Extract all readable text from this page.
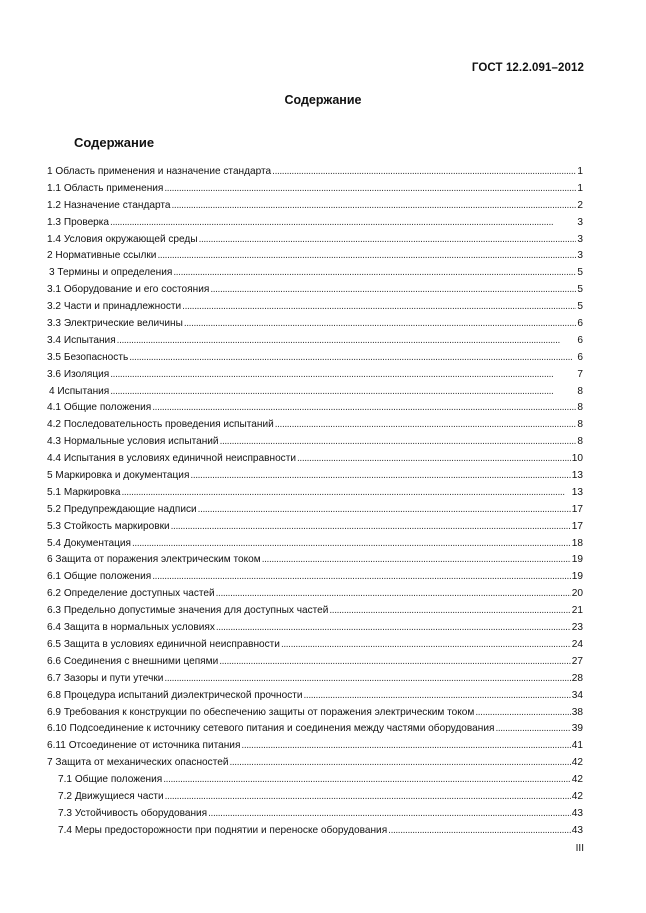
ГОСТ 12.2.091–2012
Содержание
Содержание
1 Область применения и назначение стандарта . . .	1
1.1 Область применения . . .	1
1.2 Назначение стандарта . . .	2
1.3 Проверка . . .	3
1.4 Условия окружающей среды . . .	3
2 Нормативные ссылки . . .	3
3 Термины и определения . . .	5
3.1 Оборудование и его состояния . . .	5
3.2 Части и принадлежности . . .	5
3.3 Электрические величины . . .	6
3.4 Испытания . . .	6
3.5 Безопасность . . .	6
3.6 Изоляция . . .	7
4 Испытания . . .	8
4.1 Общие положения . . .	8
4.2 Последовательность проведения испытаний . . .	8
4.3 Нормальные условия испытаний . . .	8
4.4 Испытания в условиях единичной неисправности . . .	10
5 Маркировка и документация . . .	13
5.1 Маркировка . . .	13
5.2 Предупреждающие надписи . . .	17
5.3 Стойкость маркировки . . .	17
5.4 Документация . . .	18
6 Защита от поражения электрическим током . . .	19
6.1 Общие положения . . .	19
6.2 Определение доступных частей . . .	20
6.3 Предельно допустимые значения для доступных частей . . .	21
6.4 Защита в нормальных условиях . . .	23
6.5 Защита в условиях единичной неисправности . . .	24
6.6 Соединения с внешними цепями . . .	27
6.7 Зазоры и пути утечки . . .	28
6.8 Процедура испытаний диэлектрической прочности . . .	34
6.9 Требования к конструкции по обеспечению защиты от поражения электрическим током . . .	38
6.10 Подсоединение к источнику сетевого питания и соединения между частями оборудования . . .	39
6.11 Отсоединение от источника питания . . .	41
7 Защита от механических опасностей . . .	42
7.1 Общие положения . . .	42
7.2 Движущиеся части . . .	42
7.3 Устойчивость оборудования . . .	43
7.4 Меры предосторожности при поднятии и переноске оборудования . . .	43
III
